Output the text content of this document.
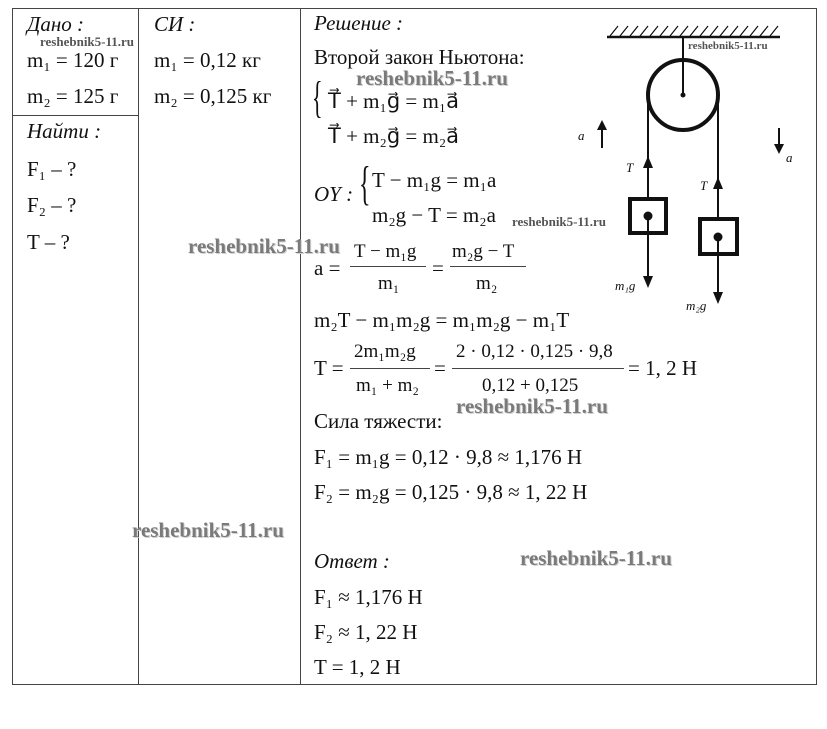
Дано :
m₁ = 120 г
m₂ = 125 г
Найти :
F₁ – ?
F₂ – ?
T – ?
СИ :
m₁ = 0,12 кг
m₂ = 0,125 кг
Решение :
Второй закон Ньютона:
{ T⃗ + m₁g⃗ = m₁a⃗
T⃗ + m₂g⃗ = m₂a⃗
OY : { T − m₁g = m₁a
m₂g − T = m₂a
a =
T − m₁g
m₁
=
m₂g − T
m₂
m₂T − m₁m₂g = m₁m₂g − m₁T
T =
2m₁m₂g
m₁ + m₂
=
2 · 0,12 · 0,125 · 9,8
0,12 + 0,125
= 1, 2 Н
Сила тяжести:
F₁ = m₁g = 0,12 · 9,8 ≈ 1,176 Н
F₂ = m₂g = 0,125 · 9,8 ≈ 1, 22 Н
Ответ :
F₁ ≈ 1,176 Н
F₂ ≈ 1, 22 Н
T = 1, 2 Н
a⃗
a⃗
T⃗
T⃗
m₁g⃗
m₂g⃗
reshebnik5-11.ru
reshebnik5-11.ru
reshebnik5-11.ru
reshebnik5-11.ru
reshebnik5-11.ru
reshebnik5-11.ru
reshebnik5-11.ru
reshebnik5-11.ru
